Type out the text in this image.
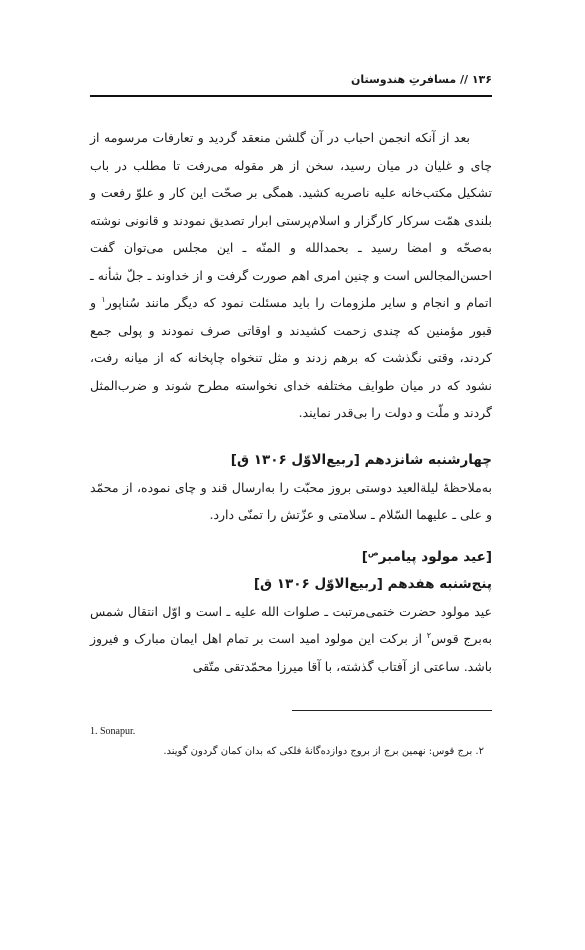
۱۳۶ // مسافرتِ هندوستان

بعد از آنکه انجمن احباب در آن گلشن منعقد گردید و تعارفات مرسومه از چای و غلیان در میان رسید، سخن از هر مقوله می‌رفت تا مطلب در باب تشکیل مکتب‌خانه علیه ناصریه کشید. همگی بر صحّت این کار و علوّ رفعت و بلندی همّت سرکار کارگزار و اسلام‌پرستی ابرار تصدیق نمودند و قانونی نوشته به‌صحّه و امضا رسید ـ بحمدالله و المنّه ـ این مجلس می‌توان گفت احسن‌المجالس است و چنین امری اهم صورت گرفت و از خداوند ـ جلّ شأنه ـ اتمام و انجام و سایر ملزومات را باید مسئلت نمود که دیگر مانند سُناپور$^۱$ و قبور مؤمنین که چندی زحمت کشیدند و اوقاتی صرف نمودند و پولی جمع کردند، وقتی نگذشت که برهم زدند و مثل تنخواه چاپخانه که از میانه رفت، نشود که در میان طوایف مختلفه خدای نخواسته مطرح شوند و ضرب‌المثل گردند و ملّت و دولت را بی‌قدر نمایند.

چهارشنبه شانزدهم [ربیع‌الاوّل ۱۳۰۶ ق]

به‌ملاحظهٔ لیلةالعید دوستی بروز محبّت را به‌ارسال قند و چای نموده، از محمّد و علی ـ علیهما السّلام ـ سلامتی و عزّتش را تمنّی دارد.

[عید مولود پیامبر$^ص$]

پنج‌شنبه هفدهم [ربیع‌الاوّل ۱۳۰۶ ق]

عید مولود حضرت ختمی‌مرتبت ـ صلوات الله علیه ـ است و اوّل انتقال شمس به‌برج قوس$^۲$ از برکت این مولود امید است بر تمام اهل ایمان مبارک و فیروز باشد. ساعتی از آفتاب گذشته، با آقا میرزا محمّدتقی متّقی

1. Sonapur.

۲. برج قوس: نهمین برج از بروج دوازده‌گانهٔ فلکی که بدان کمان گردون گویند.
